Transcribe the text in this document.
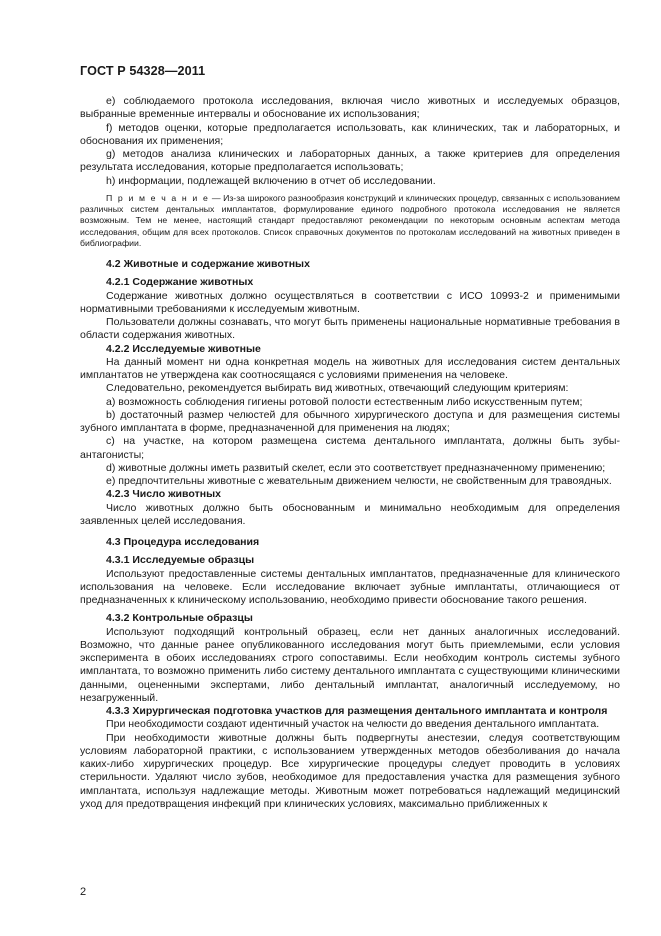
ГОСТ Р 54328—2011

e) соблюдаемого протокола исследования, включая число животных и исследуемых образцов, выбранные временные интервалы и обоснование их использования;

f) методов оценки, которые предполагается использовать, как клинических, так и лабораторных, и обоснования их применения;

g) методов анализа клинических и лабораторных данных, а также критериев для определения результата исследования, которые предполагается использовать;

h) информации, подлежащей включению в отчет об исследовании.

П р и м е ч а н и е — Из-за широкого разнообразия конструкций и клинических процедур, связанных с использованием различных систем дентальных имплантатов, формулирование единого подробного протокола исследования не является возможным. Тем не менее, настоящий стандарт предоставляют рекомендации по некоторым основным аспектам метода исследования, общим для всех протоколов. Список справочных документов по протоколам исследований на животных приведен в библиографии.

4.2 Животные и содержание животных

4.2.1 Содержание животных

Содержание животных должно осуществляться в соответствии с ИСО 10993-2 и применимыми нормативными требованиями к исследуемым животным.

Пользователи должны сознавать, что могут быть применены национальные нормативные требования в области содержания животных.

4.2.2 Исследуемые животные

На данный момент ни одна конкретная модель на животных для исследования систем дентальных имплантатов не утверждена как соотносящаяся с условиями применения на человеке.

Следовательно, рекомендуется выбирать вид животных, отвечающий следующим критериям:

a) возможность соблюдения гигиены ротовой полости естественным либо искусственным путем;

b) достаточный размер челюстей для обычного хирургического доступа и для размещения системы зубного имплантата в форме, предназначенной для применения на людях;

c) на участке, на котором размещена система дентального имплантата, должны быть зубы-антагонисты;

d) животные должны иметь развитый скелет, если это соответствует предназначенному применению;

e) предпочтительны животные с жевательным движением челюсти, не свойственным для травоядных.

4.2.3 Число животных

Число животных должно быть обоснованным и минимально необходимым для определения заявленных целей исследования.

4.3 Процедура исследования

4.3.1 Исследуемые образцы

Используют предоставленные системы дентальных имплантатов, предназначенные для клинического использования на человеке. Если исследование включает зубные имплантаты, отличающиеся от предназначенных к клиническому использованию, необходимо привести обоснование такого решения.

4.3.2 Контрольные образцы

Используют подходящий контрольный образец, если нет данных аналогичных исследований. Возможно, что данные ранее опубликованного исследования могут быть приемлемыми, если условия эксперимента в обоих исследованиях строго сопоставимы. Если необходим контроль системы зубного имплантата, то возможно применить либо систему дентального имплантата с существующими клиническими данными, оцененными экспертами, либо дентальный имплантат, аналогичный исследуемому, но незагруженный.

4.3.3 Хирургическая подготовка участков для размещения дентального имплантата и контроля

При необходимости создают идентичный участок на челюсти до введения дентального имплантата.

При необходимости животные должны быть подвергнуты анестезии, следуя соответствующим условиям лабораторной практики, с использованием утвержденных методов обезболивания до начала каких-либо хирургических процедур. Все хирургические процедуры следует проводить в условиях стерильности. Удаляют число зубов, необходимое для предоставления участка для размещения зубного имплантата, используя надлежащие методы. Животным может потребоваться надлежащий медицинский уход для предотвращения инфекций при клинических условиях, максимально приближенных к

2
